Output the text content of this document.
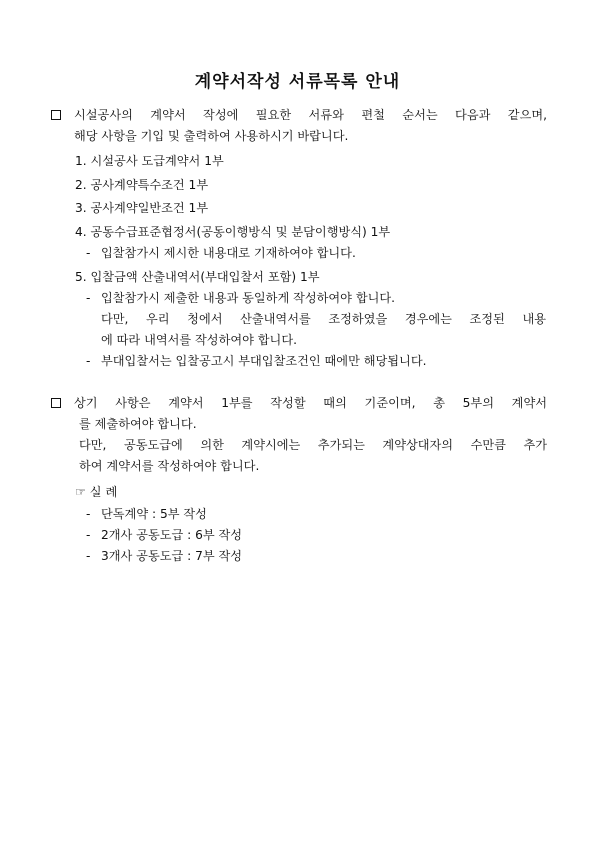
계약서작성 서류목록 안내
시설공사의 계약서 작성에 필요한 서류와 편철 순서는 다음과 같으며,
해당 사항을 기입 및 출력하여 사용하시기 바랍니다.
1. 시설공사 도급계약서 1부
2. 공사계약특수조건 1부
3. 공사계약일반조건 1부
4. 공동수급표준협정서(공동이행방식 및 분담이행방식) 1부
- 입찰참가시 제시한 내용대로 기재하여야 합니다.
5. 입찰금액 산출내역서(부대입찰서 포함) 1부
- 입찰참가시 제출한 내용과 동일하게 작성하여야 합니다.
다만, 우리 청에서 산출내역서를 조정하였을 경우에는 조정된 내용
에 따라 내역서를 작성하여야 합니다.
- 부대입찰서는 입찰공고시 부대입찰조건인 때에만 해당됩니다.
상기 사항은 계약서 1부를 작성할 때의 기준이며, 총 5부의 계약서
를 제출하여야 합니다.
다만, 공동도급에 의한 계약시에는 추가되는 계약상대자의 수만큼 추가
하여 계약서를 작성하여야 합니다.
☞ 실 례
- 단독계약 : 5부 작성
- 2개사 공동도급 : 6부 작성
- 3개사 공동도급 : 7부 작성
